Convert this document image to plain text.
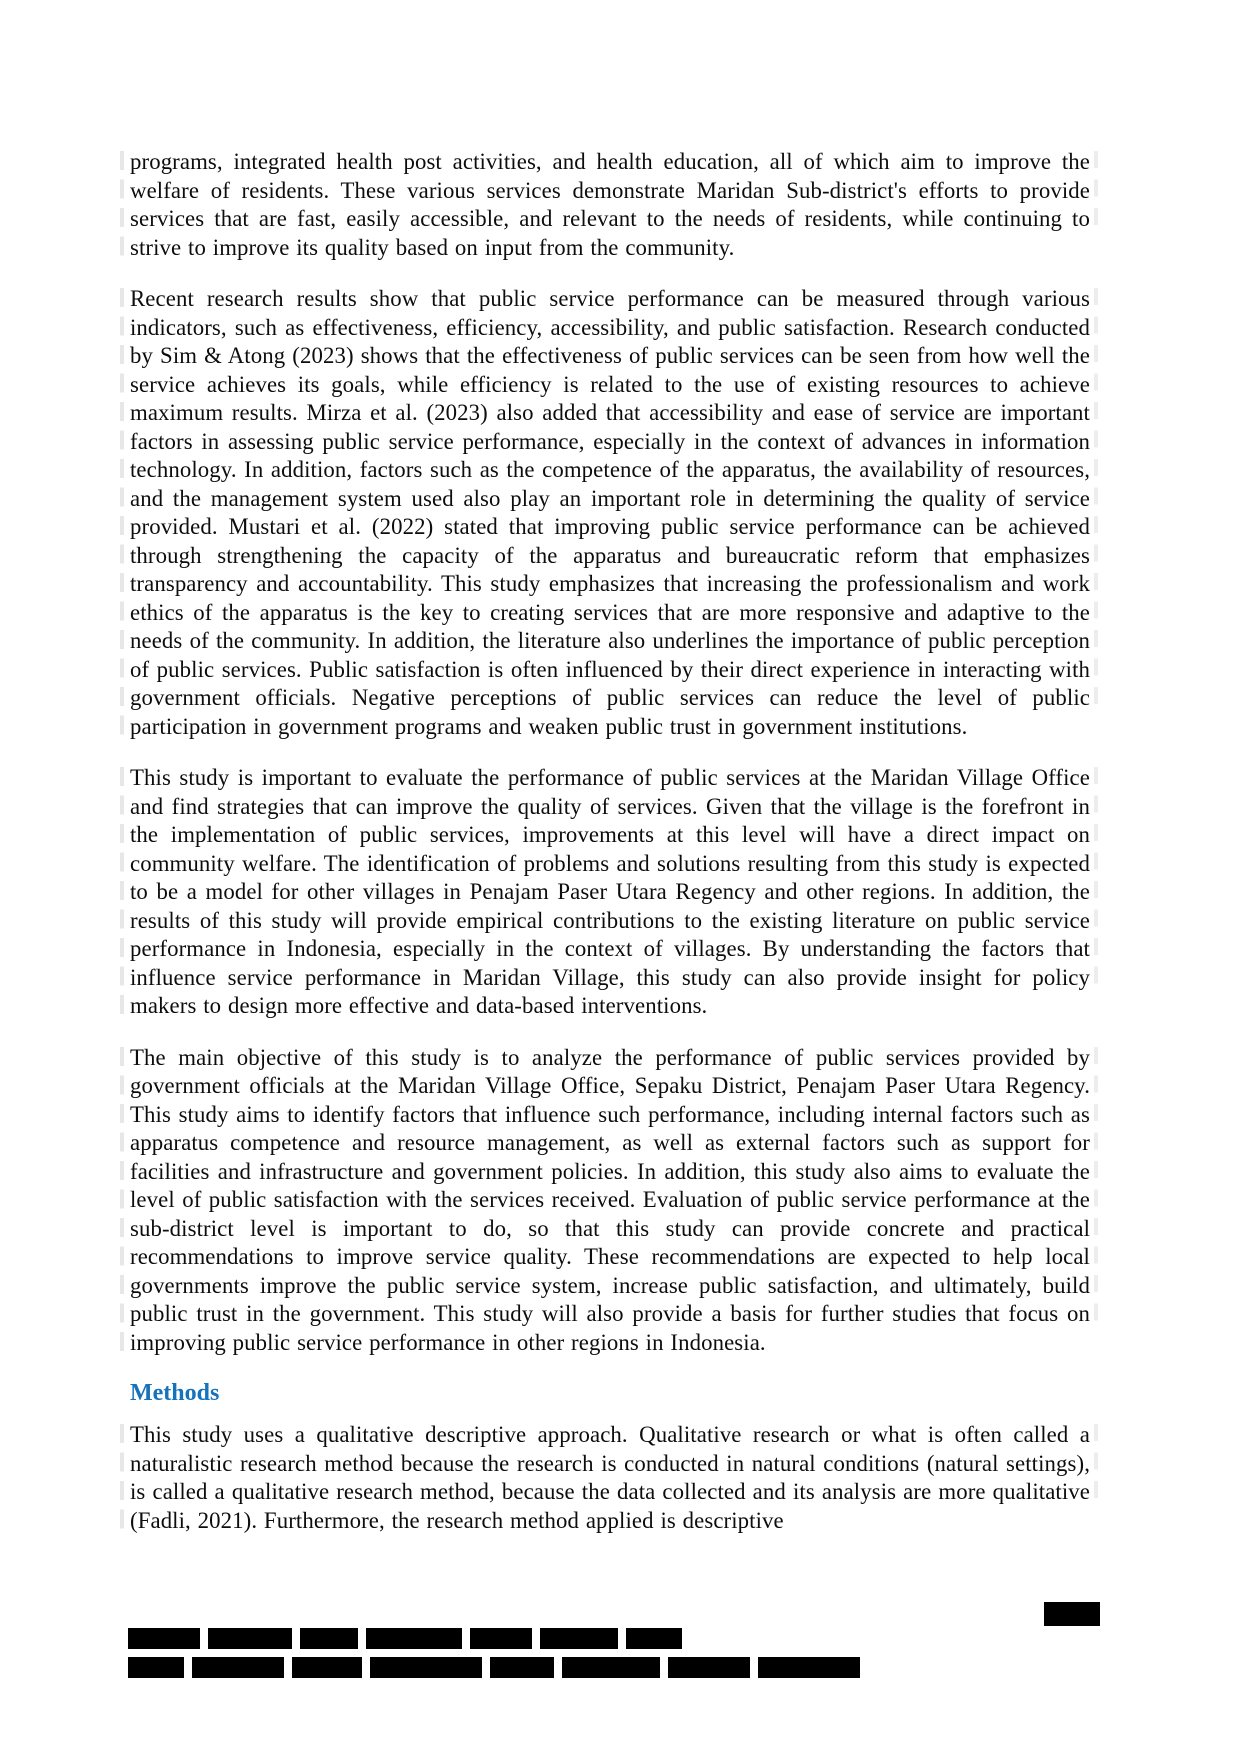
programs, integrated health post activities, and health education, all of which aim to improve the welfare of residents. These various services demonstrate Maridan Sub-district's efforts to provide services that are fast, easily accessible, and relevant to the needs of residents, while continuing to strive to improve its quality based on input from the community.

Recent research results show that public service performance can be measured through various indicators, such as effectiveness, efficiency, accessibility, and public satisfaction. Research conducted by Sim & Atong (2023) shows that the effectiveness of public services can be seen from how well the service achieves its goals, while efficiency is related to the use of existing resources to achieve maximum results. Mirza et al. (2023) also added that accessibility and ease of service are important factors in assessing public service performance, especially in the context of advances in information technology. In addition, factors such as the competence of the apparatus, the availability of resources, and the management system used also play an important role in determining the quality of service provided. Mustari et al. (2022) stated that improving public service performance can be achieved through strengthening the capacity of the apparatus and bureaucratic reform that emphasizes transparency and accountability. This study emphasizes that increasing the professionalism and work ethics of the apparatus is the key to creating services that are more responsive and adaptive to the needs of the community. In addition, the literature also underlines the importance of public perception of public services. Public satisfaction is often influenced by their direct experience in interacting with government officials. Negative perceptions of public services can reduce the level of public participation in government programs and weaken public trust in government institutions.

This study is important to evaluate the performance of public services at the Maridan Village Office and find strategies that can improve the quality of services. Given that the village is the forefront in the implementation of public services, improvements at this level will have a direct impact on community welfare. The identification of problems and solutions resulting from this study is expected to be a model for other villages in Penajam Paser Utara Regency and other regions. In addition, the results of this study will provide empirical contributions to the existing literature on public service performance in Indonesia, especially in the context of villages. By understanding the factors that influence service performance in Maridan Village, this study can also provide insight for policy makers to design more effective and data-based interventions.

The main objective of this study is to analyze the performance of public services provided by government officials at the Maridan Village Office, Sepaku District, Penajam Paser Utara Regency. This study aims to identify factors that influence such performance, including internal factors such as apparatus competence and resource management, as well as external factors such as support for facilities and infrastructure and government policies. In addition, this study also aims to evaluate the level of public satisfaction with the services received. Evaluation of public service performance at the sub-district level is important to do, so that this study can provide concrete and practical recommendations to improve service quality. These recommendations are expected to help local governments improve the public service system, increase public satisfaction, and ultimately, build public trust in the government. This study will also provide a basis for further studies that focus on improving public service performance in other regions in Indonesia.

Methods

This study uses a qualitative descriptive approach. Qualitative research or what is often called a naturalistic research method because the research is conducted in natural conditions (natural settings), is called a qualitative research method, because the data collected and its analysis are more qualitative (Fadli, 2021). Furthermore, the research method applied is descriptive
